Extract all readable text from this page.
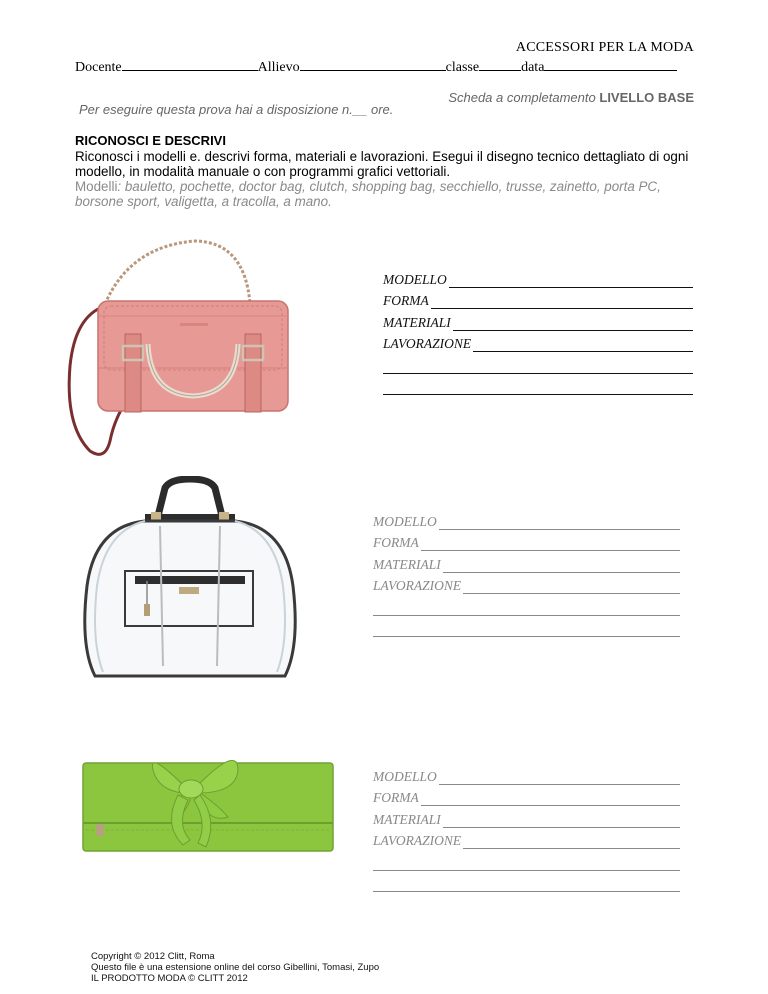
ACCESSORI PER LA MODA
Docente	Allievo	classe	data
Scheda a completamento LIVELLO BASE
Per eseguire questa prova hai a disposizione n.__ ore.
RICONOSCI E DESCRIVI
Riconosci i modelli e. descrivi forma, materiali e lavorazioni. Esegui il disegno tecnico dettagliato di ogni modello, in modalità manuale o con programmi grafici vettoriali.
Modelli: bauletto, pochette, doctor bag, clutch, shopping bag, secchiello, trusse, zainetto, porta PC, borsone sport, valigetta, a tracolla, a mano.
MODELLO
FORMA
MATERIALI
LAVORAZIONE
MODELLO
FORMA
MATERIALI
LAVORAZIONE
MODELLO
FORMA
MATERIALI
LAVORAZIONE
Copyright © 2012 Clitt, Roma
Questo file è una estensione online del corso Gibellini, Tomasi, Zupo
IL PRODOTTO MODA © CLITT 2012
